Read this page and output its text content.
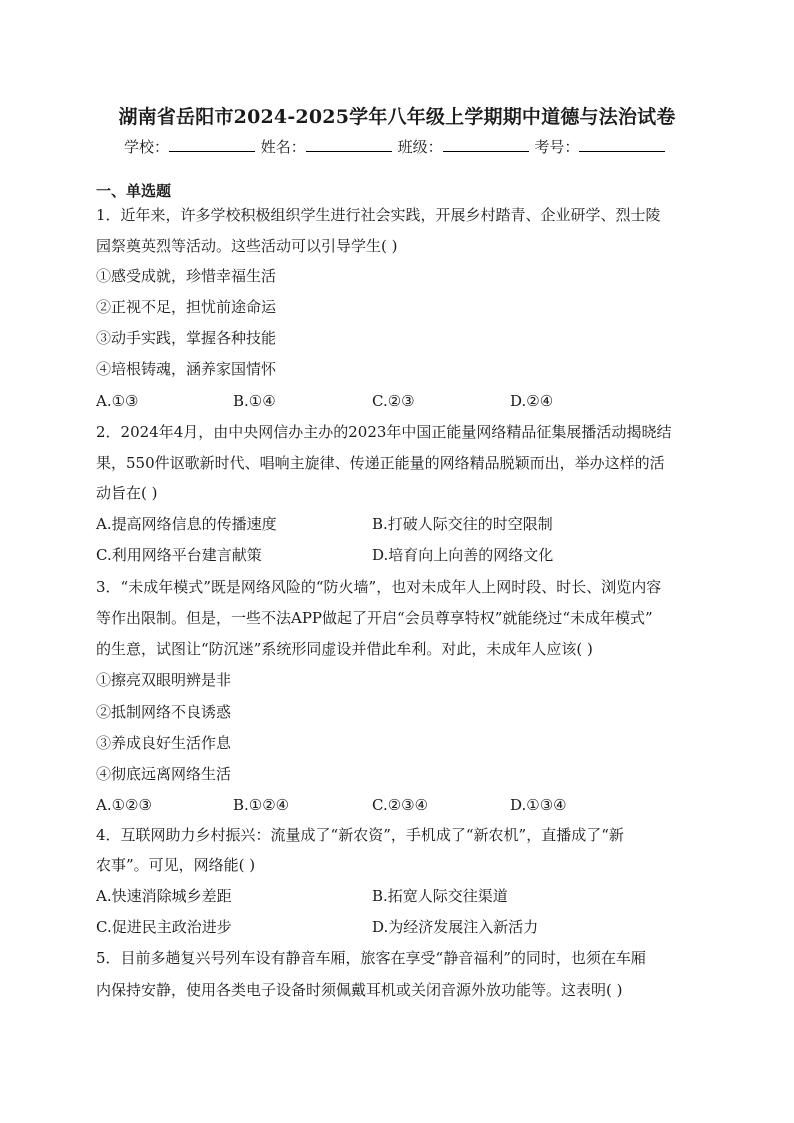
湖南省岳阳市2024-2025学年八年级上学期期中道德与法治试卷
学校：	姓名：	班级：	考号：
一、单选题
1．近年来，许多学校积极组织学生进行社会实践，开展乡村踏青、企业研学、烈士陵
园祭奠英烈等活动。这些活动可以引导学生( )
①感受成就，珍惜幸福生活
②正视不足，担忧前途命运
③动手实践，掌握各种技能
④培根铸魂，涵养家国情怀
A.①③	B.①④	C.②③	D.②④
2．2024年4月，由中央网信办主办的2023年中国正能量网络精品征集展播活动揭晓结
果，550件讴歌新时代、唱响主旋律、传递正能量的网络精品脱颖而出，举办这样的活
动旨在( )
A.提高网络信息的传播速度	B.打破人际交往的时空限制
C.利用网络平台建言献策	D.培育向上向善的网络文化
3．“未成年模式”既是网络风险的“防火墙”，也对未成年人上网时段、时长、浏览内容
等作出限制。但是，一些不法APP做起了开启“会员尊享特权”就能绕过“未成年模式”
的生意，试图让“防沉迷”系统形同虚设并借此牟利。对此，未成年人应该( )
①擦亮双眼明辨是非
②抵制网络不良诱惑
③养成良好生活作息
④彻底远离网络生活
A.①②③	B.①②④	C.②③④	D.①③④
4．互联网助力乡村振兴：流量成了“新农资”，手机成了“新农机”，直播成了“新
农事”。可见，网络能( )
A.快速消除城乡差距	B.拓宽人际交往渠道
C.促进民主政治进步	D.为经济发展注入新活力
5．目前多趟复兴号列车设有静音车厢，旅客在享受“静音福利”的同时，也须在车厢
内保持安静，使用各类电子设备时须佩戴耳机或关闭音源外放功能等。这表明( )
